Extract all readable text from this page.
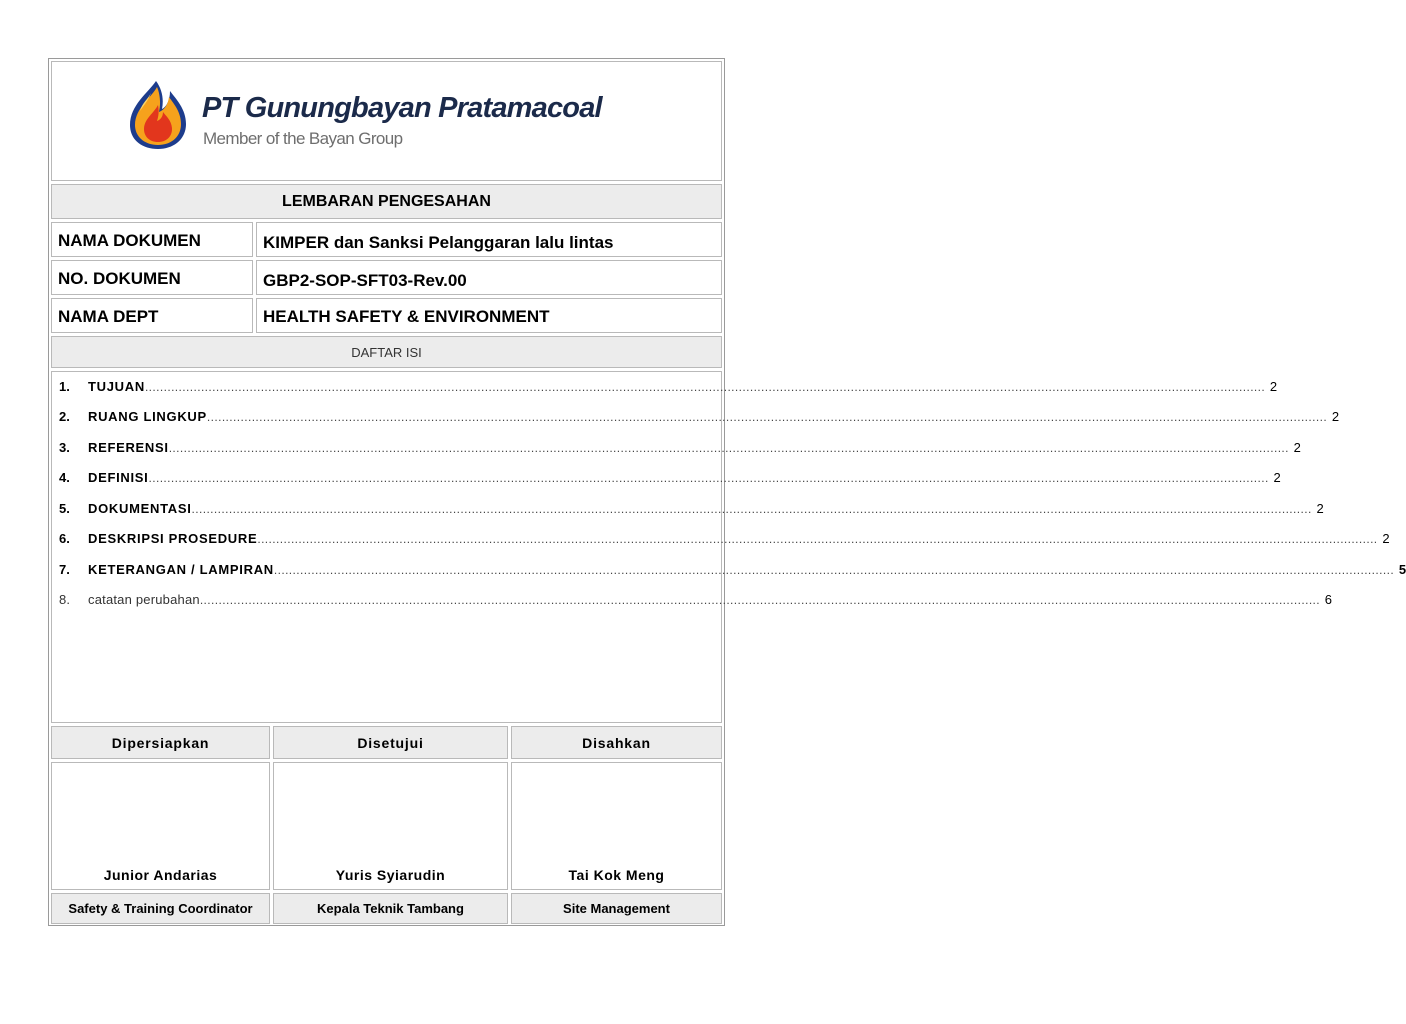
PT Gunungbayan Pratamacoal
Member of the Bayan Group
LEMBARAN PENGESAHAN
NAMA DOKUMEN	KIMPER dan Sanksi Pelanggaran lalu lintas
NO. DOKUMEN	GBP2-SOP-SFT03-Rev.00
NAMA DEPT	HEALTH SAFETY & ENVIRONMENT
DAFTAR ISI
1.	TUJUAN ............................................................................................................................................................................................................................................................................................................ 2
2.	RUANG LINGKUP ............................................................................................................................................................................................................................................................................................................ 2
3.	REFERENSI ............................................................................................................................................................................................................................................................................................................ 2
4.	DEFINISI ............................................................................................................................................................................................................................................................................................................ 2
5.	DOKUMENTASI ............................................................................................................................................................................................................................................................................................................ 2
6.	DESKRIPSI PROSEDURE ............................................................................................................................................................................................................................................................................................................ 2
7.	KETERANGAN / LAMPIRAN ............................................................................................................................................................................................................................................................................................................ 5
8.	catatan perubahan ............................................................................................................................................................................................................................................................................................................ 6
Dipersiapkan	Disetujui	Disahkan
Junior Andarias	Yuris Syiarudin	Tai Kok Meng
Safety & Training Coordinator	Kepala Teknik Tambang	Site Management
